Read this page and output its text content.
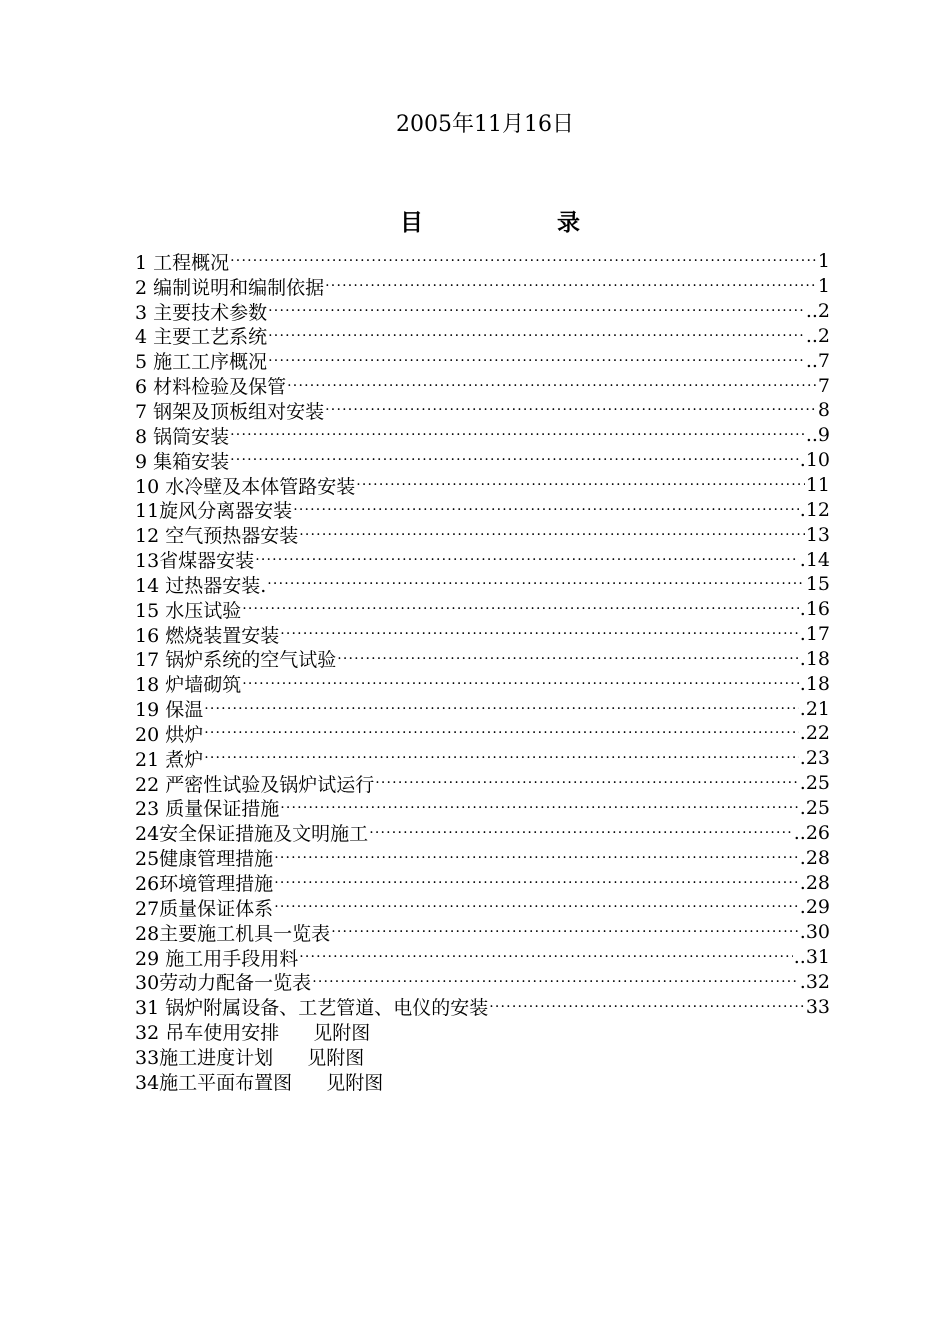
2005年11月16日
目	录
1 工程概况 ·····	1
2 编制说明和编制依据 ·····	1
3 主要技术参数 ·····	..2
4 主要工艺系统 ·····	..2
5 施工工序概况 ·····	..7
6 材料检验及保管 ·····	7
7 钢架及顶板组对安装 ·····	8
8 锅筒安装 ·····	..9
9 集箱安装 ·····	.10
10 水冷壁及本体管路安装 ·····	11
11旋风分离器安装 ·····	.12
12 空气预热器安装 ·····	13
13省煤器安装 ·····	.14
14 过热器安装. ·····	15
15 水压试验 ·····	.16
16 燃烧装置安装 ·····	.17
17 锅炉系统的空气试验 ·····	.18
18 炉墙砌筑 ·····	.18
19 保温 ·····	.21
20 烘炉 ·····	.22
21 煮炉 ·····	.23
22 严密性试验及锅炉试运行 ·····	.25
23 质量保证措施 ·····	.25
24安全保证措施及文明施工 ·····	..26
25健康管理措施 ·····	.28
26环境管理措施 ·····	.28
27质量保证体系 ·····	.29
28主要施工机具一览表 ·····	.30
29 施工用手段用料 ·····	..31
30劳动力配备一览表 ·····	.32
31 锅炉附属设备、工艺管道、电仪的安装 ·····	33
32 吊车使用安排 见附图
33施工进度计划 见附图
34施工平面布置图 见附图
